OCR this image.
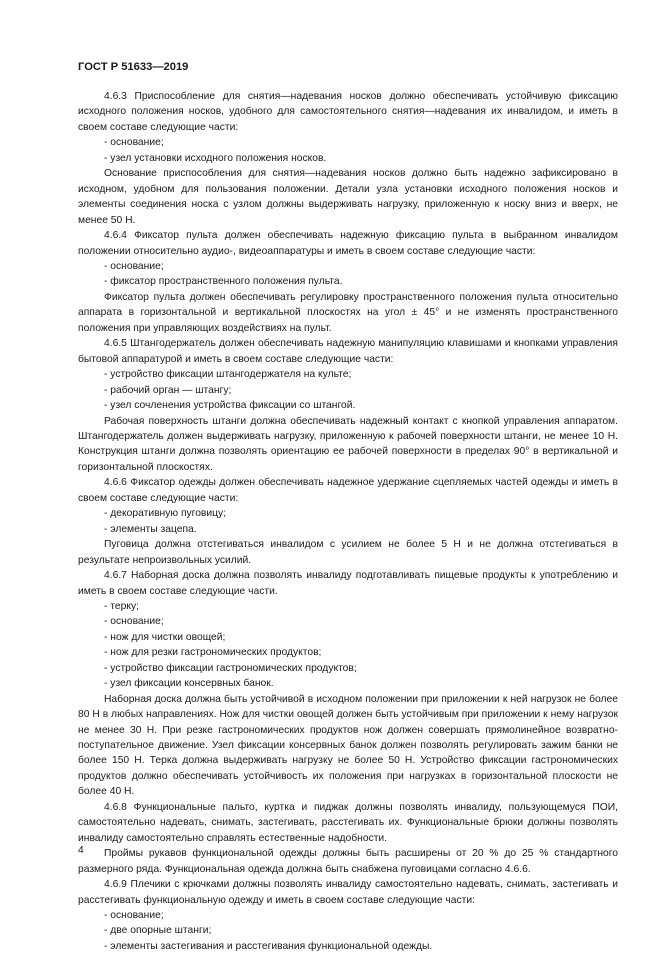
ГОСТ Р 51633—2019

4.6.3 Приспособление для снятия—надевания носков должно обеспечивать устойчивую фиксацию исходного положения носков, удобного для самостоятельного снятия—надевания их инвалидом, и иметь в своем составе следующие части:

- основание;

- узел установки исходного положения носков.

Основание приспособления для снятия—надевания носков должно быть надежно зафиксировано в исходном, удобном для пользования положении. Детали узла установки исходного положения носков и элементы соединения носка с узлом должны выдерживать нагрузку, приложенную к носку вниз и вверх, не менее 50 Н.

4.6.4 Фиксатор пульта должен обеспечивать надежную фиксацию пульта в выбранном инвалидом положении относительно аудио-, видеоаппаратуры и иметь в своем составе следующие части:

- основание;

- фиксатор пространственного положения пульта.

Фиксатор пульта должен обеспечивать регулировку пространственного положения пульта относительно аппарата в горизонтальной и вертикальной плоскостях на угол ± 45° и не изменять пространственного положения при управляющих воздействиях на пульт.

4.6.5 Штангодержатель должен обеспечивать надежную манипуляцию клавишами и кнопками управления бытовой аппаратурой и иметь в своем составе следующие части:

- устройство фиксации штангодержателя на культе;

- рабочий орган — штангу;

- узел сочленения устройства фиксации со штангой.

Рабочая поверхность штанги должна обеспечивать надежный контакт с кнопкой управления аппаратом. Штангодержатель должен выдерживать нагрузку, приложенную к рабочей поверхности штанги, не менее 10 Н. Конструкция штанги должна позволять ориентацию ее рабочей поверхности в пределах 90° в вертикальной и горизонтальной плоскостях.

4.6.6 Фиксатор одежды должен обеспечивать надежное удержание сцепляемых частей одежды и иметь в своем составе следующие части:

- декоративную пуговицу;

- элементы зацепа.

Пуговица должна отстегиваться инвалидом с усилием не более 5 Н и не должна отстегиваться в результате непроизвольных усилий.

4.6.7 Наборная доска должна позволять инвалиду подготавливать пищевые продукты к употреблению и иметь в своем составе следующие части.

- терку;

- основание;

- нож для чистки овощей;

- нож для резки гастрономических продуктов;

- устройство фиксации гастрономических продуктов;

- узел фиксации консервных банок.

Наборная доска должна быть устойчивой в исходном положении при приложении к ней нагрузок не более 80 Н в любых направлениях. Нож для чистки овощей должен быть устойчивым при приложении к нему нагрузок не менее 30 Н. При резке гастрономических продуктов нож должен совершать прямолинейное возвратно-поступательное движение. Узел фиксации консервных банок должен позволять регулировать зажим банки не более 150 Н. Терка должна выдерживать нагрузку не более 50 Н. Устройство фиксации гастрономических продуктов должно обеспечивать устойчивость их положения при нагрузках в горизонтальной плоскости не более 40 Н.

4.6.8 Функциональные пальто, куртка и пиджак должны позволять инвалиду, пользующемуся ПОИ, самостоятельно надевать, снимать, застегивать, расстегивать их. Функциональные брюки должны позволять инвалиду самостоятельно справлять естественные надобности.

Проймы рукавов функциональной одежды должны быть расширены от 20 % до 25 % стандартного размерного ряда. Функциональная одежда должна быть снабжена пуговицами согласно 4.6.6.

4.6.9 Плечики с крючками должны позволять инвалиду самостоятельно надевать, снимать, застегивать и расстегивать функциональную одежду и иметь в своем составе следующие части:

- основание;

- две опорные штанги;

- элементы застегивания и расстегивания функциональной одежды.

4
